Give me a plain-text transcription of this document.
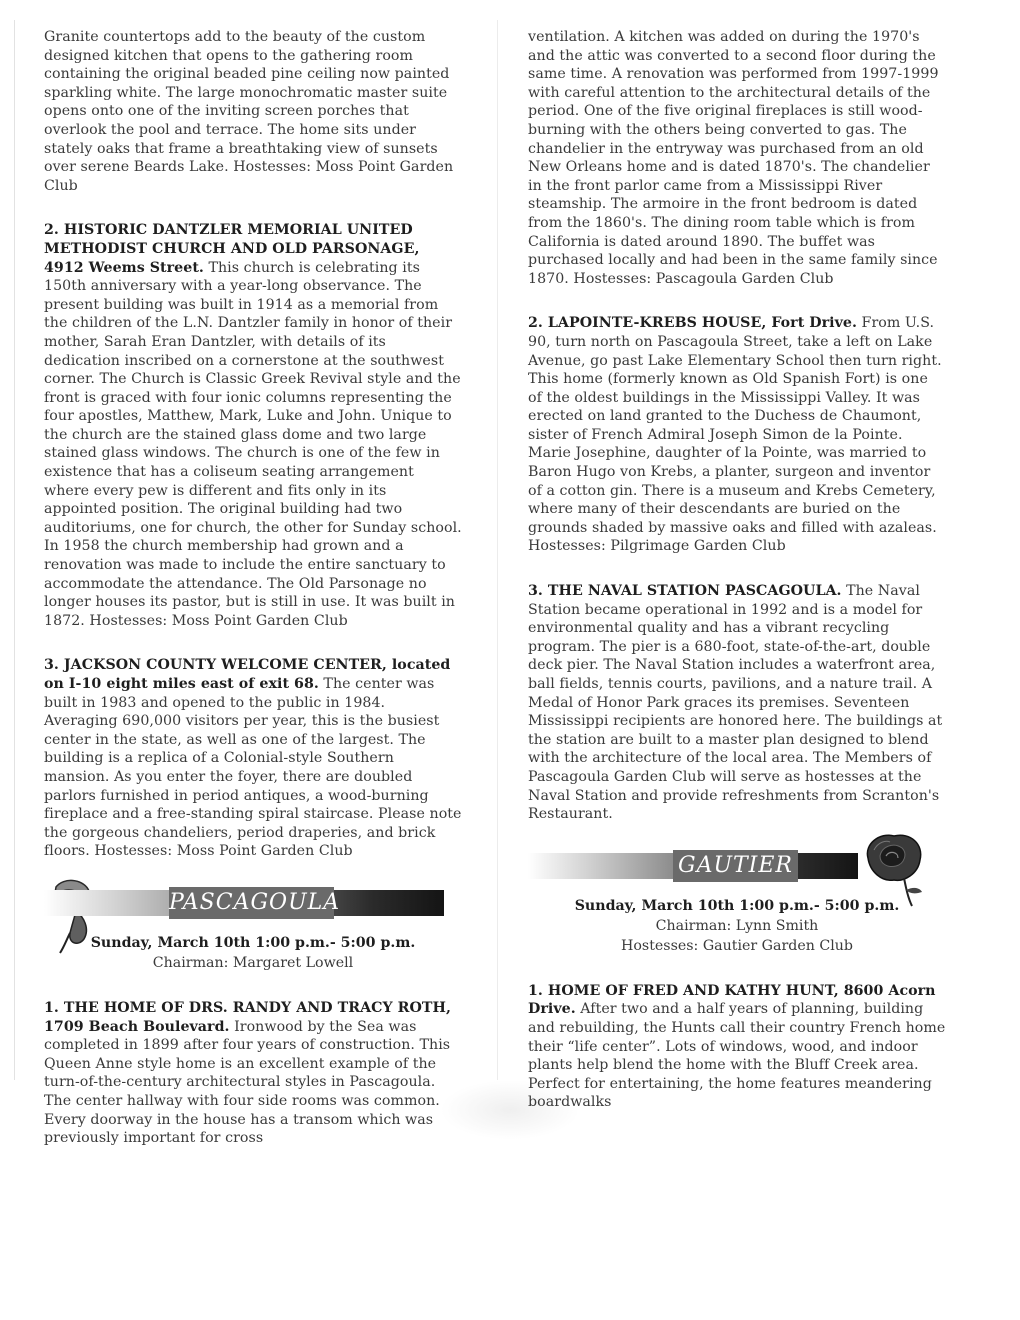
Granite countertops add to the beauty of the custom designed kitchen that opens to the gathering room containing the original beaded pine ceiling now painted sparkling white. The large monochromatic master suite opens onto one of the inviting screen porches that overlook the pool and terrace. The home sits under stately oaks that frame a breathtaking view of sunsets over serene Beards Lake. Hostesses: Moss Point Garden Club

2. HISTORIC DANTZLER MEMORIAL UNITED METHODIST CHURCH AND OLD PARSONAGE, 4912 Weems Street. This church is celebrating its 150th anniversary with a year-long observance. The present building was built in 1914 as a memorial from the children of the L.N. Dantzler family in honor of their mother, Sarah Eran Dantzler, with details of its dedication inscribed on a cornerstone at the southwest corner. The Church is Classic Greek Revival style and the front is graced with four ionic columns representing the four apostles, Matthew, Mark, Luke and John. Unique to the church are the stained glass dome and two large stained glass windows. The church is one of the few in existence that has a coliseum seating arrangement where every pew is different and fits only in its appointed position. The original building had two auditoriums, one for church, the other for Sunday school. In 1958 the church membership had grown and a renovation was made to include the entire sanctuary to accommodate the attendance. The Old Parsonage no longer houses its pastor, but is still in use. It was built in 1872. Hostesses: Moss Point Garden Club

3. JACKSON COUNTY WELCOME CENTER, located on I-10 eight miles east of exit 68. The center was built in 1983 and opened to the public in 1984. Averaging 690,000 visitors per year, this is the busiest center in the state, as well as one of the largest. The building is a replica of a Colonial-style Southern mansion. As you enter the foyer, there are doubled parlors furnished in period antiques, a wood-burning fireplace and a free-standing spiral staircase. Please note the gorgeous chandeliers, period draperies, and brick floors. Hostesses: Moss Point Garden Club

PASCAGOULA
Sunday, March 10th 1:00 p.m.- 5:00 p.m.
Chairman: Margaret Lowell

1. THE HOME OF DRS. RANDY AND TRACY ROTH, 1709 Beach Boulevard. Ironwood by the Sea was completed in 1899 after four years of construction. This Queen Anne style home is an excellent example of the turn-of-the-century architectural styles in Pascagoula. The center hallway with four side rooms was common. Every doorway in the house has a transom which was previously important for cross

ventilation. A kitchen was added on during the 1970's and the attic was converted to a second floor during the same time. A renovation was performed from 1997-1999 with careful attention to the architectural details of the period. One of the five original fireplaces is still wood-burning with the others being converted to gas. The chandelier in the entryway was purchased from an old New Orleans home and is dated 1870's. The chandelier in the front parlor came from a Mississippi River steamship. The armoire in the front bedroom is dated from the 1860's. The dining room table which is from California is dated around 1890. The buffet was purchased locally and had been in the same family since 1870. Hostesses: Pascagoula Garden Club

2. LAPOINTE-KREBS HOUSE, Fort Drive. From U.S. 90, turn north on Pascagoula Street, take a left on Lake Avenue, go past Lake Elementary School then turn right. This home (formerly known as Old Spanish Fort) is one of the oldest buildings in the Mississippi Valley. It was erected on land granted to the Duchess de Chaumont, sister of French Admiral Joseph Simon de la Pointe. Marie Josephine, daughter of la Pointe, was married to Baron Hugo von Krebs, a planter, surgeon and inventor of a cotton gin. There is a museum and Krebs Cemetery, where many of their descendants are buried on the grounds shaded by massive oaks and filled with azaleas. Hostesses: Pilgrimage Garden Club

3. THE NAVAL STATION PASCAGOULA. The Naval Station became operational in 1992 and is a model for environmental quality and has a vibrant recycling program. The pier is a 680-foot, state-of-the-art, double deck pier. The Naval Station includes a waterfront area, ball fields, tennis courts, pavilions, and a nature trail. A Medal of Honor Park graces its premises. Seventeen Mississippi recipients are honored here. The buildings at the station are built to a master plan designed to blend with the architecture of the local area. The Members of Pascagoula Garden Club will serve as hostesses at the Naval Station and provide refreshments from Scranton's Restaurant.

GAUTIER
Sunday, March 10th 1:00 p.m.- 5:00 p.m.
Chairman: Lynn Smith
Hostesses: Gautier Garden Club

1. HOME OF FRED AND KATHY HUNT, 8600 Acorn Drive. After two and a half years of planning, building and rebuilding, the Hunts call their country French home their “life center”. Lots of windows, wood, and indoor plants help blend the home with the Bluff Creek area. Perfect for entertaining, the home features meandering boardwalks
